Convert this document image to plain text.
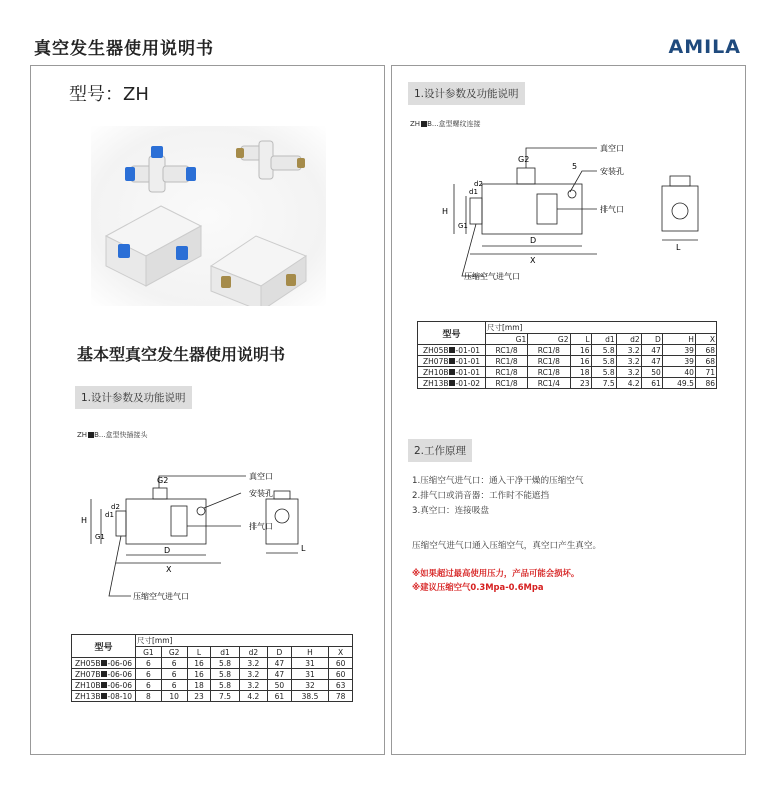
真空发生器使用说明书	AMILA
型号：ZH
基本型真空发生器使用说明书
1.设计参数及功能说明
ZH B...盒型快插接头
G2	真空口
安装孔
排气口
压缩空气进气口
H
G1
d1
d2
D
X
L
型号	尺寸[mm]							
	G1	G2	L	d1	d2	D	H	X
ZH05B -06-06	6	6	16	5.8	3.2	47	31	60
ZH07B -06-06	6	6	16	5.8	3.2	47	31	60
ZH10B -06-06	6	6	18	5.8	3.2	50	32	63
ZH13B -08-10	8	10	23	7.5	4.2	61	38.5	78
1.设计参数及功能说明
ZH B...盒型螺纹连接
G2
真空口
5
安装孔
排气口
压缩空气进气口
H
G1
d1
d2
D
X
L
型号	尺寸[mm]							
	G1	G2	L	d1	d2	D	H	X
ZH05B -01-01	RC1/8	RC1/8	16	5.8	3.2	47	39	68
ZH07B -01-01	RC1/8	RC1/8	16	5.8	3.2	47	39	68
ZH10B -01-01	RC1/8	RC1/8	18	5.8	3.2	50	40	71
ZH13B -01-02	RC1/8	RC1/4	23	7.5	4.2	61	49.5	86
2.工作原理
1.压缩空气进气口：通入干净干燥的压缩空气
2.排气口或消音器：工作时不能遮挡
3.真空口：连接吸盘
压缩空气进气口通入压缩空气，真空口产生真空。
※如果超过最高使用压力，产品可能会损坏。
※建议压缩空气0.3Mpa-0.6Mpa
